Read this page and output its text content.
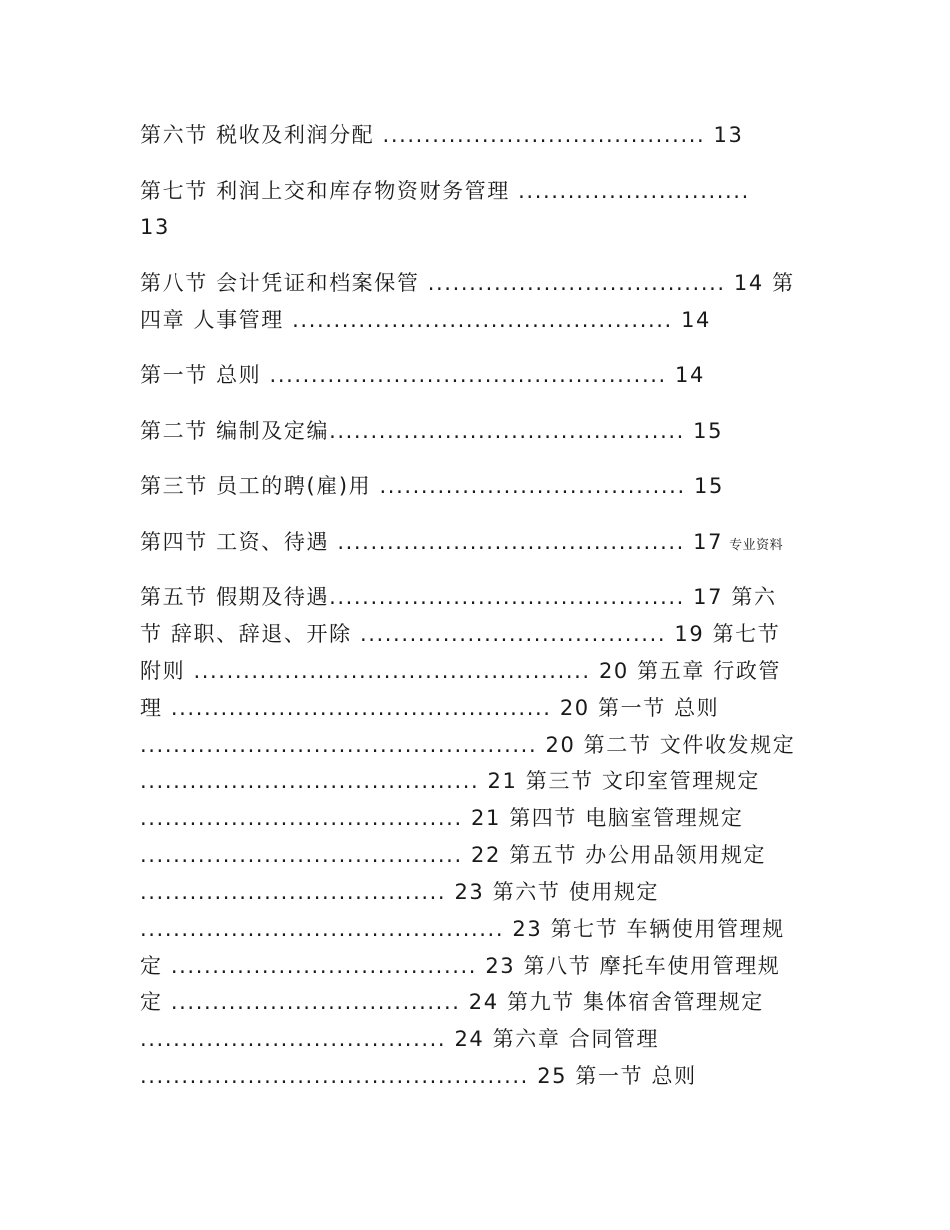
第六节 税收及利润分配 ....................................... 13
第七节 利润上交和库存物资财务管理 ............................
13
第八节 会计凭证和档案保管 .................................... 14 第
四章 人事管理 .............................................. 14
第一节 总则 ................................................ 14
第二节 编制及定编........................................... 15
第三节 员工的聘(雇)用 ..................................... 15
第四节 工资、待遇 .......................................... 17 专业资料
第五节 假期及待遇........................................... 17 第六
节 辞职、辞退、开除 ..................................... 19 第七节
附则 ................................................ 20 第五章 行政管
理 .............................................. 20 第一节 总则
................................................ 20 第二节 文件收发规定
......................................... 21 第三节 文印室管理规定
....................................... 21 第四节 电脑室管理规定
....................................... 22 第五节 办公用品领用规定
..................................... 23 第六节 使用规定
............................................ 23 第七节 车辆使用管理规
定 ..................................... 23 第八节 摩托车使用管理规
定 ................................... 24 第九节 集体宿舍管理规定
..................................... 24 第六章 合同管理
............................................... 25 第一节 总则
